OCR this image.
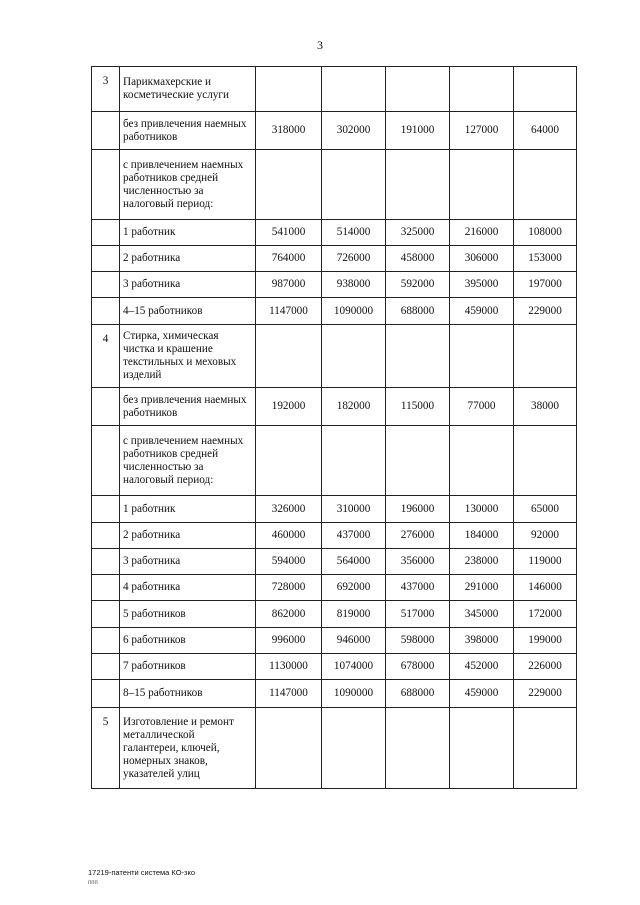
3
3	Парикмахерские и косметические услуги					
	без привлечения наемных работников	318000	302000	191000	127000	64000
	с привлечением наемных работников средней численностью за налоговый период:					
	1 работник	541000	514000	325000	216000	108000
	2 работника	764000	726000	458000	306000	153000
	3 работника	987000	938000	592000	395000	197000
	4–15 работников	1147000	1090000	688000	459000	229000
4	Стирка, химическая чистка и крашение текстильных и меховых изделий					
	без привлечения наемных работников	192000	182000	115000	77000	38000
	с привлечением наемных работников средней численностью за налоговый период:					
	1 работник	326000	310000	196000	130000	65000
	2 работника	460000	437000	276000	184000	92000
	3 работника	594000	564000	356000	238000	119000
	4 работника	728000	692000	437000	291000	146000
	5 работников	862000	819000	517000	345000	172000
	6 работников	996000	946000	598000	398000	199000
	7 работников	1130000	1074000	678000	452000	226000
	8–15 работников	1147000	1090000	688000	459000	229000
5	Изготовление и ремонт металлической галантереи, ключей, номерных знаков, указателей улиц					
17219-патенти система КО-зко
ппп
